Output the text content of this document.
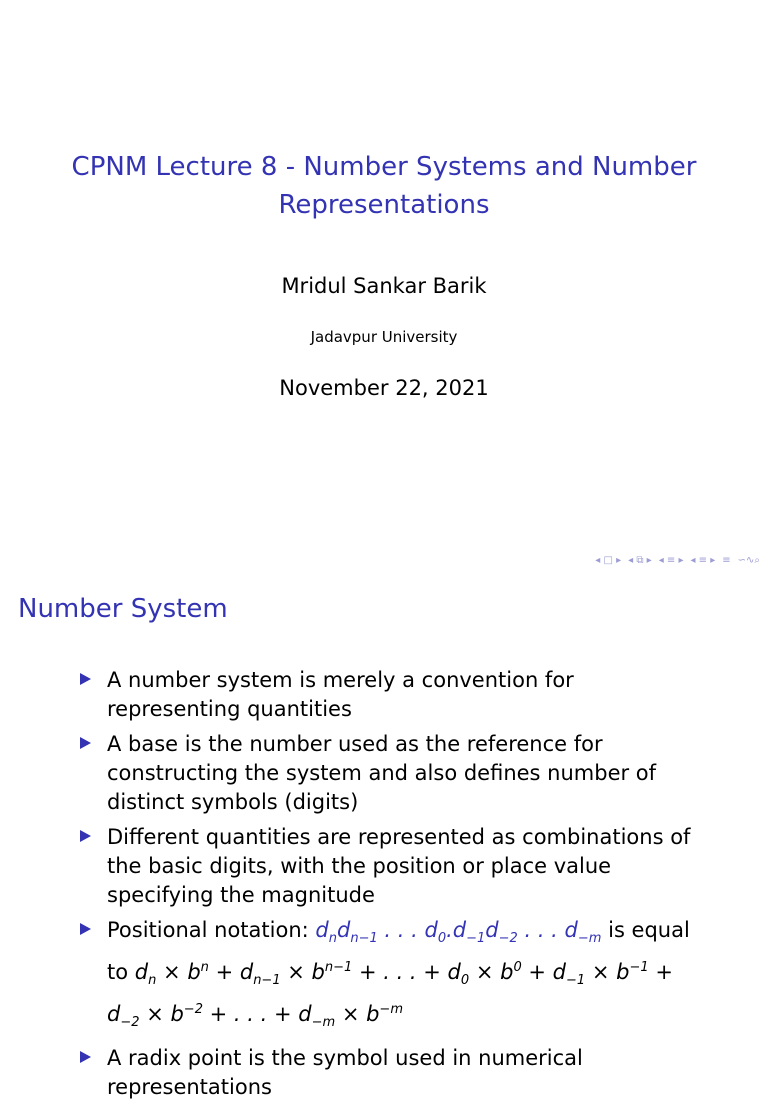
CPNM Lecture 8 - Number Systems and Number Representations
Mridul Sankar Barik
Jadavpur University
November 22, 2021
◂ □ ▸ ◂ ⧉ ▸ ◂ ≡ ▸ ◂ ≡ ▸ ≡ ∽∿⌕
Number System
A number system is merely a convention for representing quantities
A base is the number used as the reference for constructing the system and also defines number of distinct symbols (digits)
Different quantities are represented as combinations of the basic digits, with the position or place value specifying the magnitude
Positional notation: $d_nd_{n-1}$ . . . $d_0.d_{-1}d_{-2}$ . . . $d_{-m}$ is equal to $d_n \times b^n + d_{n-1} \times b^{n-1}$ + . . . + $d_0 \times b^0 + d_{-1} \times b^{-1} + d_{-2} \times b^{-2}$ + . . . + $d_{-m} \times b^{-m}$
A radix point is the symbol used in numerical representations
